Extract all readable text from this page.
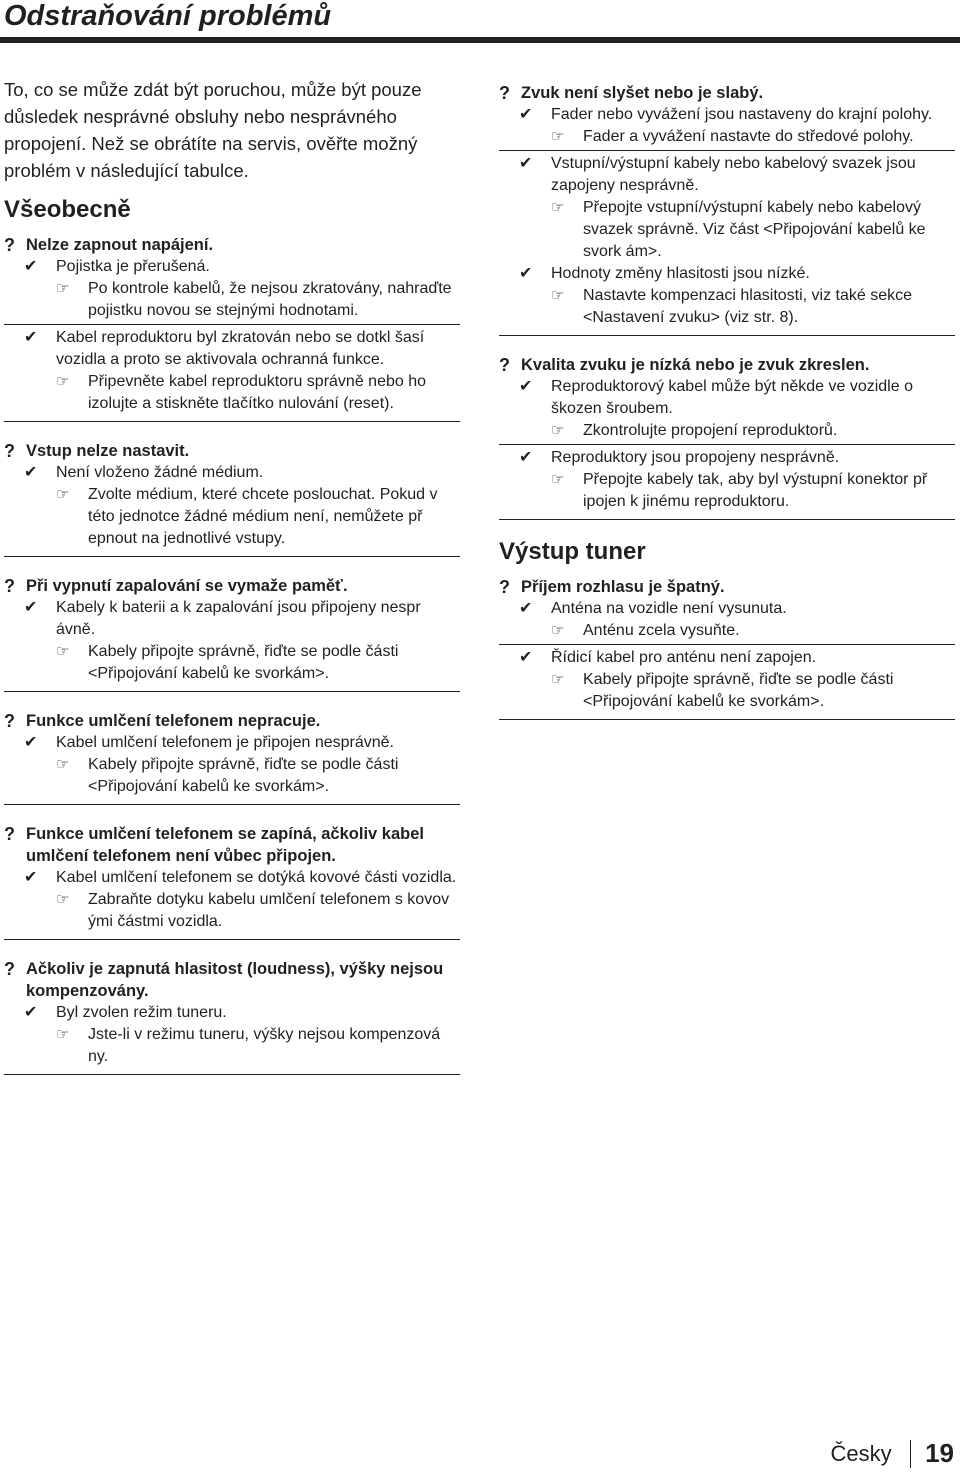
Odstraňování problémů

To, co se může zdát být poruchou, může být pouze důsledek nesprávné obsluhy nebo nesprávného propojení. Než se obrátíte na servis, ověřte možný problém v následující tabulce.

Všeobecně
? Nelze zapnout napájení.
✔ Pojistka je přerušená.
☞ Po kontrole kabelů, že nejsou zkratovány, nahraďte pojistku novou se stejnými hodnotami.
✔ Kabel reproduktoru byl zkratován nebo se dotkl šasí vozidla a proto se aktivovala ochranná funkce.
☞ Připevněte kabel reproduktoru správně nebo ho izolujte a stiskněte tlačítko nulování (reset).
? Vstup nelze nastavit.
✔ Není vloženo žádné médium.
☞ Zvolte médium, které chcete poslouchat. Pokud v této jednotce žádné médium není, nemůžete př epnout na jednotlivé vstupy.
? Při vypnutí zapalování se vymaže paměť.
✔ Kabely k baterii a k zapalování jsou připojeny nespr ávně.
☞ Kabely připojte správně, řiďte se podle části <Připojování kabelů ke svorkám>.
? Funkce umlčení telefonem nepracuje.
✔ Kabel umlčení telefonem je připojen nesprávně.
☞ Kabely připojte správně, řiďte se podle části <Připojování kabelů ke svorkám>.
? Funkce umlčení telefonem se zapíná, ačkoliv kabel umlčení telefonem není vůbec připojen.
✔ Kabel umlčení telefonem se dotýká kovové části vozidla.
☞ Zabraňte dotyku kabelu umlčení telefonem s kovov ými částmi vozidla.
? Ačkoliv je zapnutá hlasitost (loudness), výšky nejsou kompenzovány.
✔ Byl zvolen režim tuneru.
☞ Jste-li v režimu tuneru, výšky nejsou kompenzová ny.
? Zvuk není slyšet nebo je slabý.
✔ Fader nebo vyvážení jsou nastaveny do krajní polohy.
☞ Fader a vyvážení nastavte do středové polohy.
✔ Vstupní/výstupní kabely nebo kabelový svazek jsou zapojeny nesprávně.
☞ Přepojte vstupní/výstupní kabely nebo kabelový svazek správně. Viz část <Připojování kabelů ke svork ám>.
✔ Hodnoty změny hlasitosti jsou nízké.
☞ Nastavte kompenzaci hlasitosti, viz také sekce <Nastavení zvuku> (viz str. 8).
? Kvalita zvuku je nízká nebo je zvuk zkreslen.
✔ Reproduktorový kabel může být někde ve vozidle o škozen šroubem.
☞ Zkontrolujte propojení reproduktorů.
✔ Reproduktory jsou propojeny nesprávně.
☞ Přepojte kabely tak, aby byl výstupní konektor př ipojen k jinému reproduktoru.
Výstup tuner
? Příjem rozhlasu je špatný.
✔ Anténa na vozidle není vysunuta.
☞ Anténu zcela vysuňte.
✔ Řídicí kabel pro anténu není zapojen.
☞ Kabely připojte správně, řiďte se podle části <Připojování kabelů ke svorkám>.
Česky 19
